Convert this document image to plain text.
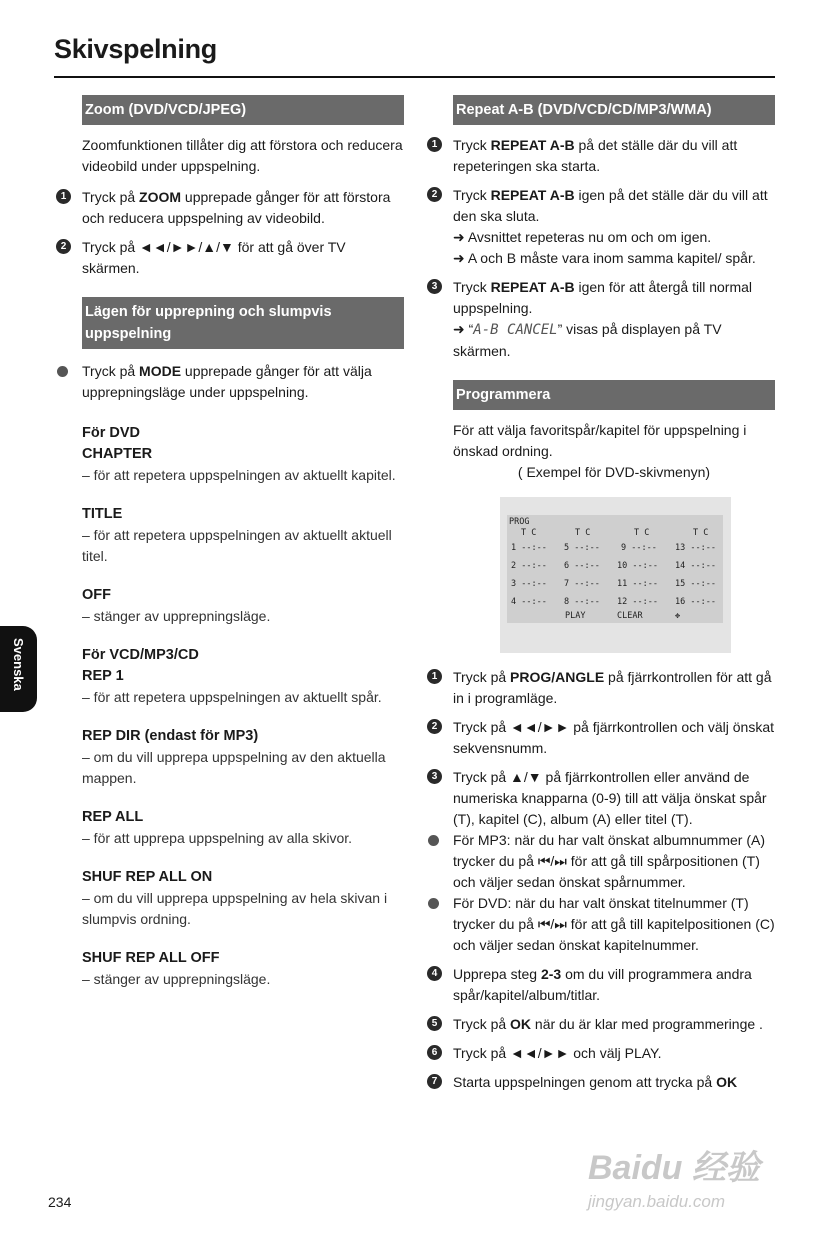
Skivspelning
Zoom (DVD/VCD/JPEG)
Zoomfunktionen tillåter dig att förstora och reducera videobild under uppspelning.
1	Tryck på ZOOM upprepade gånger för att förstora och reducera uppspelning av videobild.
2	Tryck på ◄◄/►►/▲/▼ för att gå över TV skärmen.
Lägen för upprepning och slumpvis uppspelning
Tryck på MODE upprepade gånger för att välja upprepningsläge under uppspelning.
För DVD
CHAPTER
– för att repetera uppspelningen av aktuellt kapitel.
TITLE
– för att repetera uppspelningen av aktuellt aktuell titel.
OFF
– stänger av upprepningsläge.
För VCD/MP3/CD
REP 1
– för att repetera uppspelningen av aktuellt spår.
REP DIR (endast för MP3)
– om du vill upprepa uppspelning av den aktuella mappen.
REP ALL
– för att upprepa uppspelning av alla skivor.
SHUF REP ALL ON
– om du vill upprepa uppspelning av hela skivan i slumpvis ordning.
SHUF REP ALL OFF
– stänger av upprepningsläge.
Repeat A-B (DVD/VCD/CD/MP3/WMA)
1	Tryck REPEAT A-B på det ställe där du vill att repeteringen ska starta.
2	Tryck REPEAT A-B igen på det ställe där du vill att den ska sluta.
➜ Avsnittet repeteras nu om och om igen.
➜ A och B måste vara inom samma kapitel/ spår.
3	Tryck REPEAT A-B igen för att återgå till normal uppspelning.
➜ “A-B CANCEL” visas på displayen på TV skärmen.
Programmera
För att välja favoritspår/kapitel för uppspelning i önskad ordning.
( Exempel för DVD-skivmenyn)
PROG
T C	T C	T C	T C
1 --:-- 5 --:-- 9 --:-- 13 --:--
2 --:-- 6 --:-- 10 --:-- 14 --:--
3 --:-- 7 --:-- 11 --:-- 15 --:--
4 --:-- 8 --:-- 12 --:-- 16 --:--
PLAY	CLEAR	✥
1	Tryck på PROG/ANGLE på fjärrkontrollen för att gå in i programläge.
2	Tryck på ◄◄/►► på fjärrkontrollen och välj önskat sekvensnumm.
3	Tryck på ▲/▼ på fjärrkontrollen eller använd de numeriska knapparna (0-9) till att välja önskat spår (T), kapitel (C), album (A) eller titel (T).
För MP3: när du har valt önskat albumnummer (A) trycker du på ⏮/⏭ för att gå till spårpositionen (T) och väljer sedan önskat spårnummer.
För DVD: när du har valt önskat titelnummer (T) trycker du på ⏮/⏭ för att gå till kapitelpositionen (C) och väljer sedan önskat kapitelnummer.
4	Upprepa steg 2-3 om du vill programmera andra spår/kapitel/album/titlar.
5	Tryck på OK när du är klar med programmeringe .
6	Tryck på ◄◄/►► och välj PLAY.
7	Starta uppspelningen genom att trycka på OK
Svenska
234
Baidu 经验
jingyan.baidu.com
